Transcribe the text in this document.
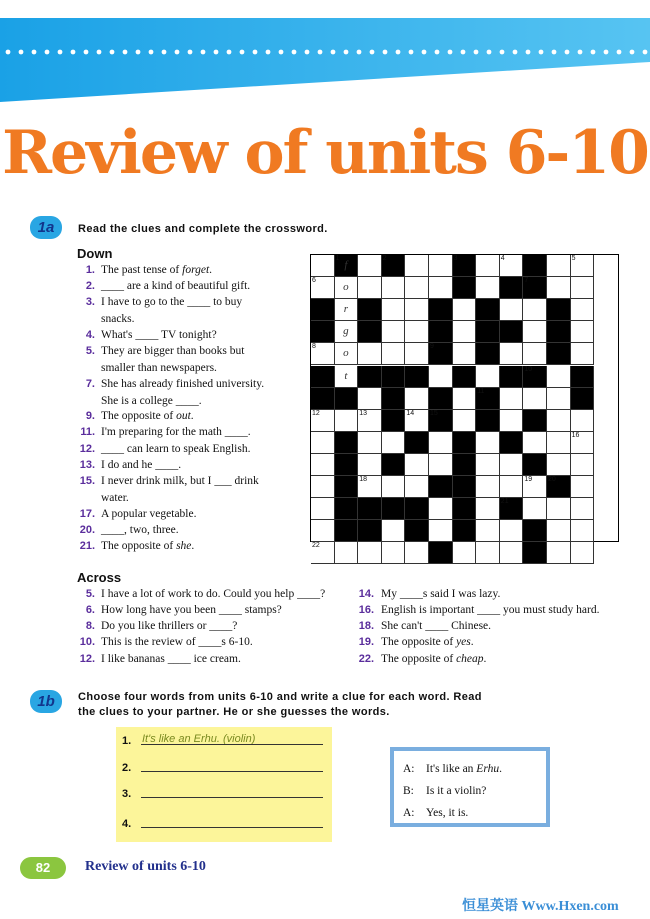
Review of units 6-10
1a	Read the clues and complete the crossword.
Down
1. The past tense of forget.
2. ____ are a kind of beautiful gift.
3. I have to go to the ____ to buy
snacks.
4. What's ____ TV tonight?
5. They are bigger than books but
smaller than newspapers.
7. She has already finished university.
She is a college ____.
9. The opposite of out.
11. I'm preparing for the math ____.
12. ____ can learn to speak English.
13. I do and he ____.
15. I never drink milk, but I ___ drink
water.
17. A popular vegetable.
20. ____, two, three.
21. The opposite of she.
1
f
2	3	4	5
6
o
7
r
g
8
o
9
t
10
11
12	13	14 15
16
18	19 20
21
22
Across
5. I have a lot of work to do. Could you help ____?
6. How long have you been ____ stamps?
8. Do you like thrillers or ____?
10. This is the review of ____s 6-10.
12. I like bananas ____ ice cream.
14. My ____s said I was lazy.
16. English is important ____ you must study hard.
18. She can't ____ Chinese.
19. The opposite of yes.
22. The opposite of cheap.
1b	Choose four words from units 6-10 and write a clue for each word. Read
the clues to your partner. He or she guesses the words.
1. It's like an Erhu. (violin)
2.
3.
4.
A: It's like an Erhu.
B: Is it a violin?
A: Yes, it is.
82	Review of units 6-10
恒星英语 Www.Hxen.com
